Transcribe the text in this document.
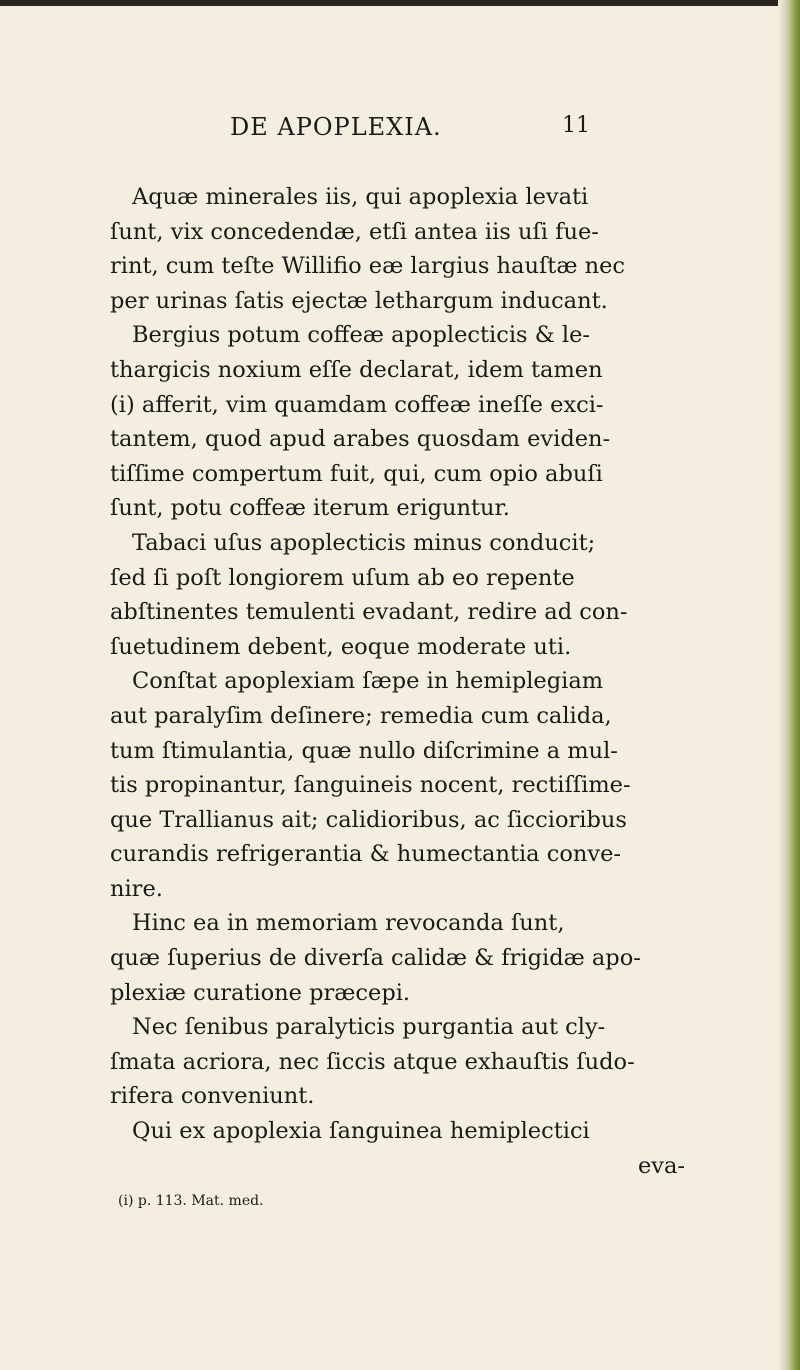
DE APOPLEXIA.	11
Aquæ minerales iis, qui apoplexia levati
ſunt, vix concedendæ, etſi antea iis uſi fue-
rint, cum teſte Willifio eæ largius hauſtæ nec
per urinas ſatis ejectæ lethargum inducant.
Bergius potum coffeæ apoplecticis & le-
thargicis noxium eſſe declarat, idem tamen
(i) afferit, vim quamdam coffeæ ineſſe exci-
tantem, quod apud arabes quosdam eviden-
tiſſime compertum fuit, qui, cum opio abuſi
ſunt, potu coffeæ iterum eriguntur.
Tabaci uſus apoplecticis minus conducit;
ſed ſi poſt longiorem uſum ab eo repente
abſtinentes temulenti evadant, redire ad con-
ſuetudinem debent, eoque moderate uti.
Conſtat apoplexiam ſæpe in hemiplegiam
aut paralyſim deſinere; remedia cum calida,
tum ſtimulantia, quæ nullo diſcrimine a mul-
tis propinantur, ſanguineis nocent, rectiſſime-
que Trallianus ait; calidioribus, ac ſiccioribus
curandis refrigerantia & humectantia conve-
nire.
Hinc ea in memoriam revocanda ſunt,
quæ ſuperius de diverſa calidæ & frigidæ apo-
plexiæ curatione præcepi.
Nec ſenibus paralyticis purgantia aut cly-
ſmata acriora, nec ſiccis atque exhauſtis ſudo-
rifera conveniunt.
Qui ex apoplexia ſanguinea hemiplectici
eva-
(i) p. 113. Mat. med.
